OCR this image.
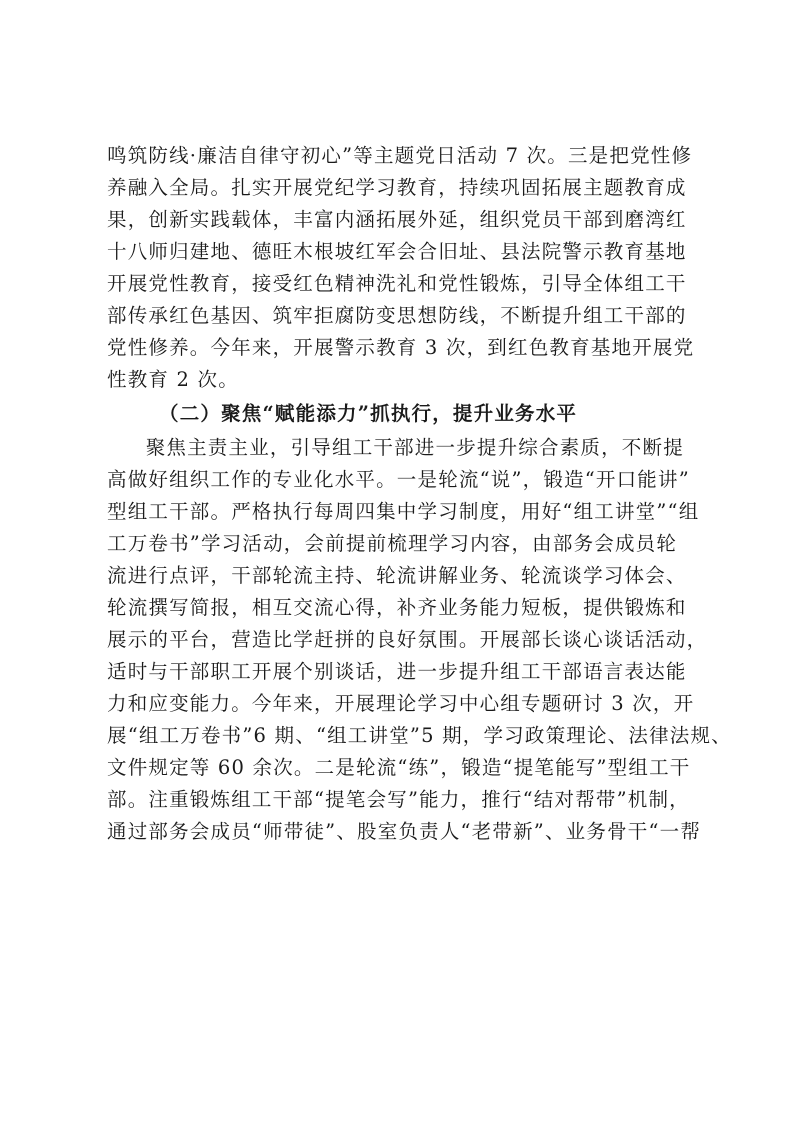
鸣筑防线·廉洁自律守初心”等主题党日活动 7 次。三是把党性修
养融入全局。扎实开展党纪学习教育，持续巩固拓展主题教育成
果，创新实践载体，丰富内涵拓展外延，组织党员干部到磨湾红
十八师归建地、德旺木根坡红军会合旧址、县法院警示教育基地
开展党性教育，接受红色精神洗礼和党性锻炼，引导全体组工干
部传承红色基因、筑牢拒腐防变思想防线，不断提升组工干部的
党性修养。今年来，开展警示教育 3 次，到红色教育基地开展党
性教育 2 次。
（二）聚焦“赋能添力”抓执行，提升业务水平
　聚焦主责主业，引导组工干部进一步提升综合素质，不断提
高做好组织工作的专业化水平。一是轮流“说”，锻造“开口能讲”
型组工干部。严格执行每周四集中学习制度，用好“组工讲堂”“组
工万卷书”学习活动，会前提前梳理学习内容，由部务会成员轮
流进行点评，干部轮流主持、轮流讲解业务、轮流谈学习体会、
轮流撰写简报，相互交流心得，补齐业务能力短板，提供锻炼和
展示的平台，营造比学赶拼的良好氛围。开展部长谈心谈话活动，
适时与干部职工开展个别谈话，进一步提升组工干部语言表达能
力和应变能力。今年来，开展理论学习中心组专题研讨 3 次，开
展“组工万卷书”6 期、“组工讲堂”5 期，学习政策理论、法律法规、
文件规定等 60 余次。二是轮流“练”，锻造“提笔能写”型组工干
部。注重锻炼组工干部“提笔会写”能力，推行“结对帮带”机制，
通过部务会成员“师带徒”、股室负责人“老带新”、业务骨干“一帮
